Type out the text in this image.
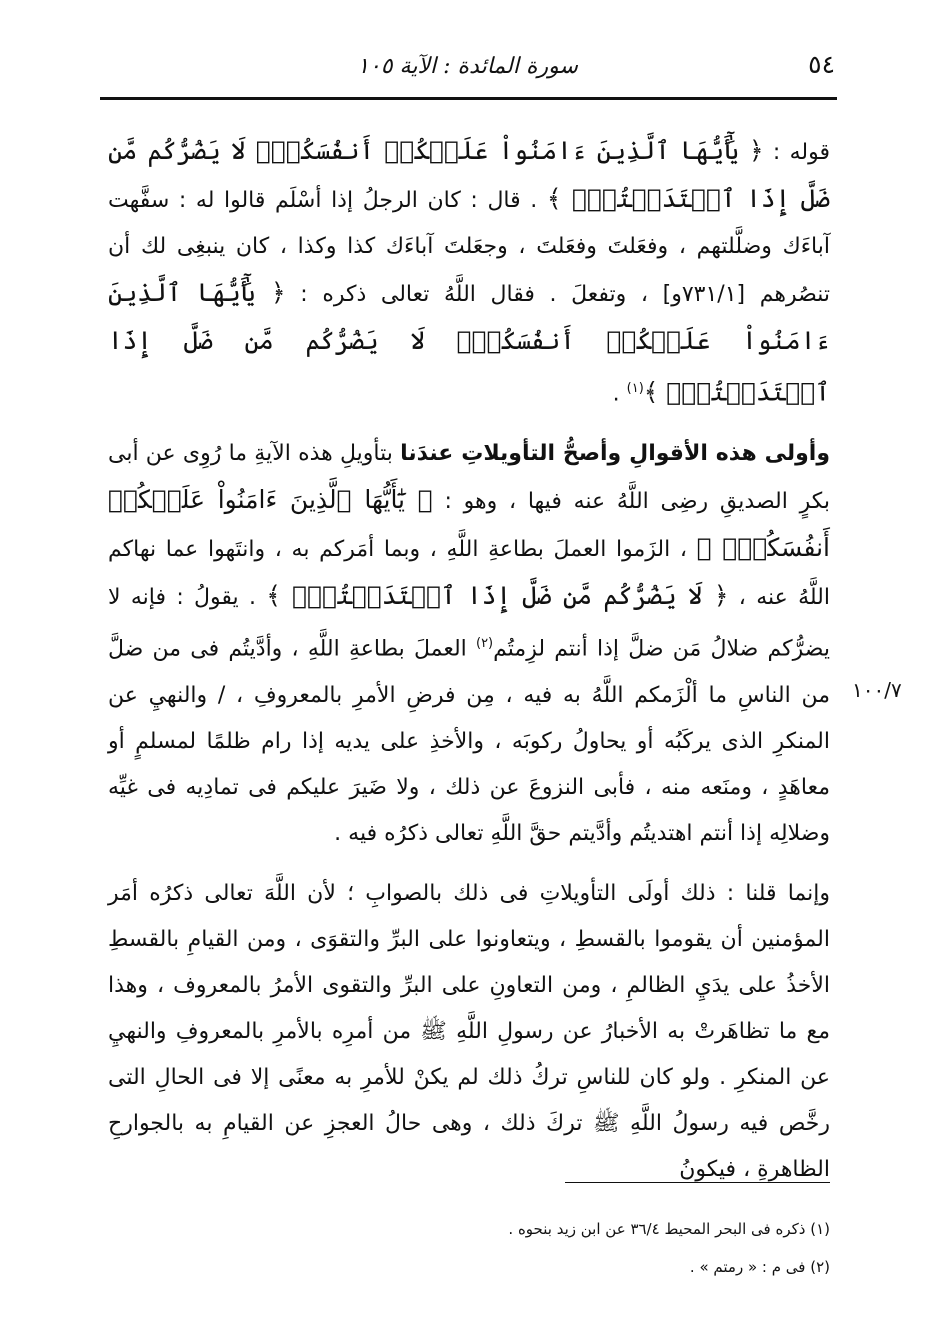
٥٤
سورة المائدة : الآية ١٠٥

قوله : ﴿ يَٰٓأَيُّهَا ٱلَّذِينَ ءَامَنُواْ عَلَيۡكُمۡ أَنفُسَكُمۡۖ لَا يَضُرُّكُم مَّن ضَلَّ إِذَا ٱهۡتَدَيۡتُمۡۚ ﴾ . قال : كان الرجلُ إذا أسْلَم قالوا له : سفَّهت آباءَك وضلَّلتهم ، وفعَلتَ وفعَلتَ ، وجعَلتَ آباءَك كذا وكذا ، كان ينبغِى لك أن تنصُرهم [٧٣١/١و] ، وتفعلَ . فقال اللَّهُ تعالى ذكره : ﴿ يَٰٓأَيُّهَا ٱلَّذِينَ ءَامَنُواْ عَلَيۡكُمۡ أَنفُسَكُمۡۖ لَا يَضُرُّكُم مَّن ضَلَّ إِذَا ٱهۡتَدَيۡتُمۡۚ ﴾$^{(١)}$ .

وأولى هذه الأقوالِ وأصحُّ التأويلاتِ عندَنا بتأويلِ هذه الآيةِ ما رُوِى عن أبى بكرٍ الصديقِ رضِى اللَّهُ عنه فيها ، وهو : ﴿ يَٰٓأَيُّهَا ٱلَّذِينَ ءَامَنُواْ عَلَيۡكُمۡ أَنفُسَكُمۡۖ ﴾ ، الزَموا العملَ بطاعةِ اللَّهِ ، وبما أمَركم به ، وانتَهوا عما نهاكم اللَّهُ عنه ، ﴿ لَا يَضُرُّكُم مَّن ضَلَّ إِذَا ٱهۡتَدَيۡتُمۡۚ ﴾ . يقولُ : فإنه لا يضرُّكم ضلالُ مَن ضلَّ إذا أنتم لزِمتُم$^{(٢)}$ العملَ بطاعةِ اللَّهِ ، وأدَّيتُم فى من ضلَّ من الناسِ ما ألْزَمكم اللَّهُ به فيه ، مِن فرضِ الأمرِ بالمعروفِ ، / والنهيِ عن المنكرِ الذى يركَبُه أو يحاولُ ركوبَه ، والأخذِ على يديه إذا رام ظلمًا لمسلمٍ أو معاهَدٍ ، ومنَعه منه ، فأبى النزوعَ عن ذلك ، ولا ضَيرَ عليكم فى تمادِيه فى غيِّه وضلالِه إذا أنتم اهتديتُم وأدَّيتم حقَّ اللَّهِ تعالى ذكرُه فيه .

وإنما قلنا : ذلك أولَى التأويلاتِ فى ذلك بالصوابِ ؛ لأن اللَّهَ تعالى ذكرُه أمَر المؤمنين أن يقوموا بالقسطِ ، ويتعاونوا على البرِّ والتقوَى ، ومن القيامِ بالقسطِ الأخذُ على يدَيِ الظالمِ ، ومن التعاونِ على البرِّ والتقوى الأمرُ بالمعروف ، وهذا مع ما تظاهَرتْ به الأخبارُ عن رسولِ اللَّهِ ﷺ من أمرِه بالأمرِ بالمعروفِ والنهيِ عن المنكرِ . ولو كان للناسِ تركُ ذلك لم يكنْ للأمرِ به معنًى إلا فى الحالِ التى رخَّص فيه رسولُ اللَّهِ ﷺ تركَ ذلك ، وهى حالُ العجزِ عن القيامِ به بالجوارحِ الظاهرةِ ، فيكونُ

١٠٠/٧

(١) ذكره فى البحر المحيط ٣٦/٤ عن ابن زيد بنحوه .

(٢) فى م : « رمتم » .
